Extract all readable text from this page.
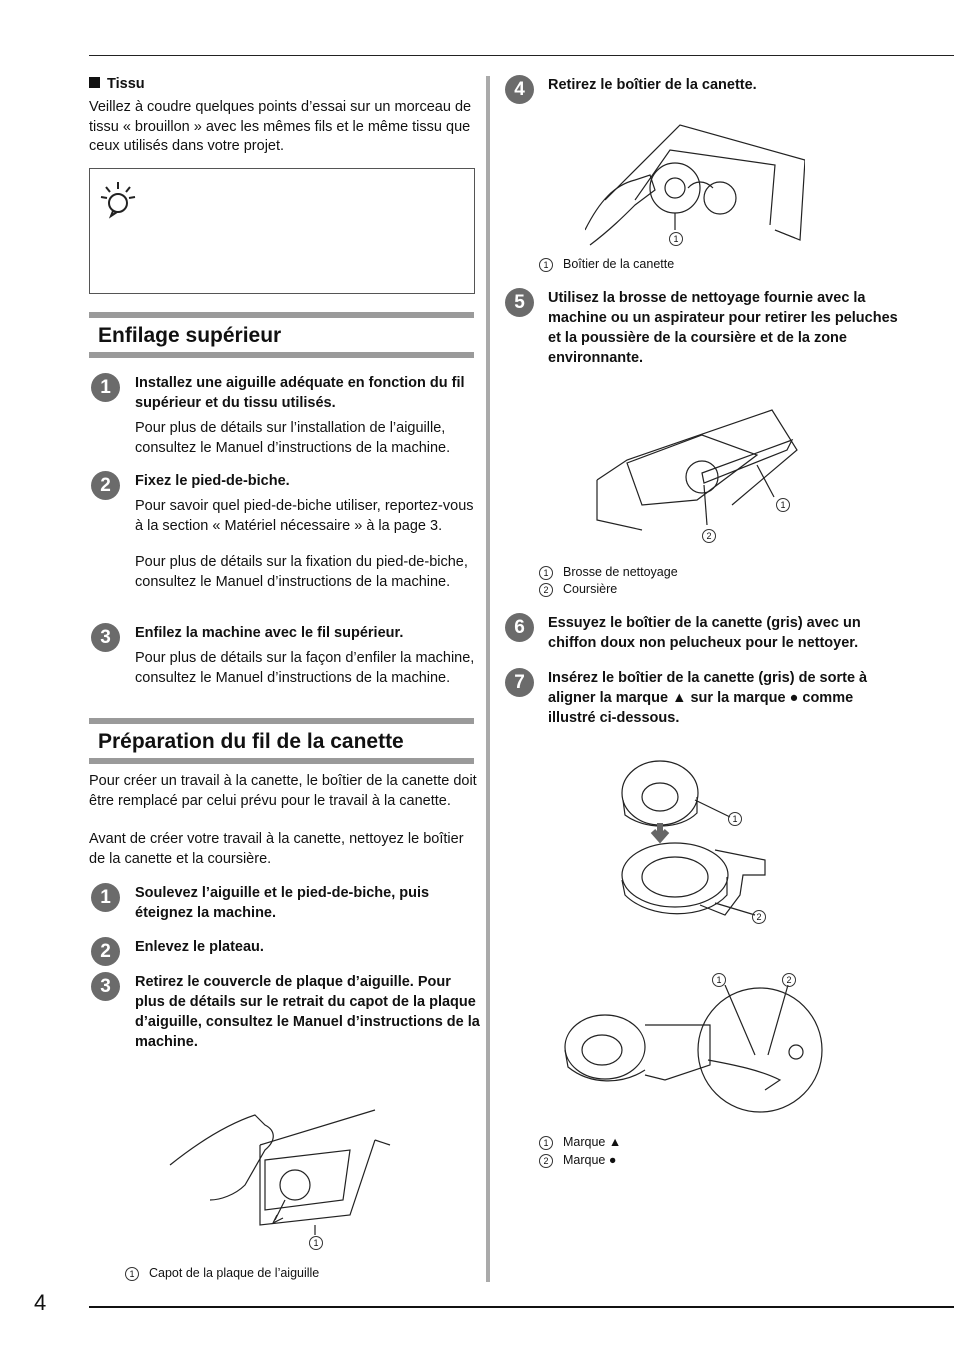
4
Tissu
Veillez à coudre quelques points d’essai sur un morceau de tissu « brouillon » avec les mêmes fils et le même tissu que ceux utilisés dans votre projet.
Enfilage supérieur
1	Installez une aiguille adéquate en fonction du fil supérieur et du tissu utilisés.
Pour plus de détails sur l’installation de l’aiguille, consultez le Manuel d’instructions de la machine.
2	Fixez le pied-de-biche.
Pour savoir quel pied-de-biche utiliser, reportez-vous à la section « Matériel nécessaire » à la page 3.
Pour plus de détails sur la fixation du pied-de-biche, consultez le Manuel d’instructions de la machine.
3	Enfilez la machine avec le fil supérieur.
Pour plus de détails sur la façon d’enfiler la machine, consultez le Manuel d’instructions de la machine.
Préparation du fil de la canette
Pour créer un travail à la canette, le boîtier de la canette doit être remplacé par celui prévu pour le travail à la canette.
Avant de créer votre travail à la canette, nettoyez le boîtier de la canette et la coursière.
1	Soulevez l’aiguille et le pied-de-biche, puis éteignez la machine.
2	Enlevez le plateau.
3	Retirez le couvercle de plaque d’aiguille. Pour plus de détails sur le retrait du capot de la plaque d’aiguille, consultez le Manuel d’instructions de la machine.
1
1 Capot de la plaque de l’aiguille
4	Retirez le boîtier de la canette.
1
1 Boîtier de la canette
5	Utilisez la brosse de nettoyage fournie avec la machine ou un aspirateur pour retirer les peluches et la poussière de la coursière et de la zone environnante.
1
2
1 Brosse de nettoyage
2 Coursière
6	Essuyez le boîtier de la canette (gris) avec un chiffon doux non pelucheux pour le nettoyer.
7	Insérez le boîtier de la canette (gris) de sorte à aligner la marque ▲ sur la marque ● comme illustré ci-dessous.
1
2
1	2
1 Marque ▲
2 Marque ●
